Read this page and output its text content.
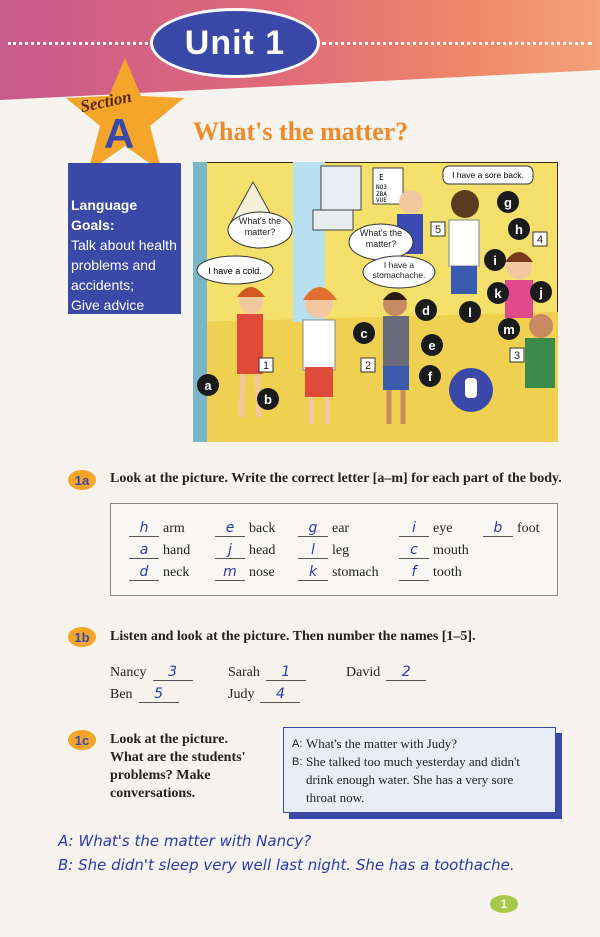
Unit 1
Section
A What's the matter?
Language Goals:
Talk about health
problems and
accidents;
Give advice
E
NQ3
ZBA
VUE
I have a sore back.
What's the matter?	What's the matter?
I have a cold.
I have a stomachache.
a
b
c
d
e
f
g
h
i
j
k
l
m
1	2
3
4
5
1a	Look at the picture. Write the correct letter [a–m] for each part of the body.
h	arm	e	back	g	ear	i	eye	b	foot
a	hand	j	head	l	leg	c	mouth
d	neck	m nose	k	stomach	f	tooth
1b	Listen and look at the picture. Then number the names [1–5].
Nancy	3	Sarah	1	David	2
Ben	5	Judy	4
1c	Look at the picture.
What are the students'
problems? Make
conversations.
A: What's the matter with Judy?
B: She talked too much yesterday and didn't
drink enough water. She has a very sore
throat now.
A: What's the matter with Nancy?
B: She didn't sleep very well last night. She has a toothache.
1
